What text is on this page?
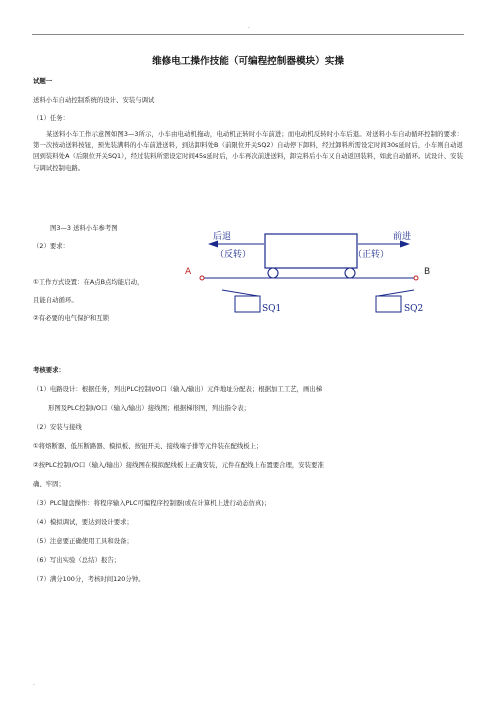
.
维修电工操作技能（可编程控制器模块）实操
试题一
送料小车自动控制系统的设计、安装与调试
（1）任务：
某送料小车工作示意图如图3—3所示，小车由电动机拖动，电动机正转时小车前进；而电动机反转时小车后退。对送料小车自动循环控制的要求：第一次按动送料按钮，预先装满料的小车前进送料，到达卸料处B（前限位开关SQ2）自动停下卸料，经过卸料所需设定时间30s延时后，小车则自动返回到装料处A（后限位开关SQ1），经过装料所需设定时间45s延时后，小车再次前进送料，卸完料后小车又自动返回装料，如此自动循环。试设计、安装与调试控制电路。
图3—3 送料小车参考图
（2）要求：
①工作方式设置：在A点B点均能启动，
且能自动循环。
②有必要的电气保护和互锁
后退	前进
（反转）	（正转）
A	B
SQ1	SQ2
考核要求：
（1）电路设计：根据任务，列出PLC控制I/O口（输入/输出）元件地址分配表；根据加工工艺，画出梯
形图及PLC控制I/O口（输入/输出）接线图；根据梯形图，列出指令表；
（2）安装与接线
①将熔断器、低压断路器、模拟板、按钮开关、接线端子排等元件装在配线板上；
②按PLC控制I/O口（输入/输出）接线图在模拟配线板上正确安装，元件在配线上布置要合理，安装要准
确、牢固；
（3）PLC键盘操作：将程序输入PLC可编程序控制器(或在计算机上进行动态仿真)；
（4）模拟调试，要达到设计要求；
（5）注意要正确使用工具和设备；
（6）写出实验（总结）报告；
（7）满分100分，考核时间120分钟。
.
